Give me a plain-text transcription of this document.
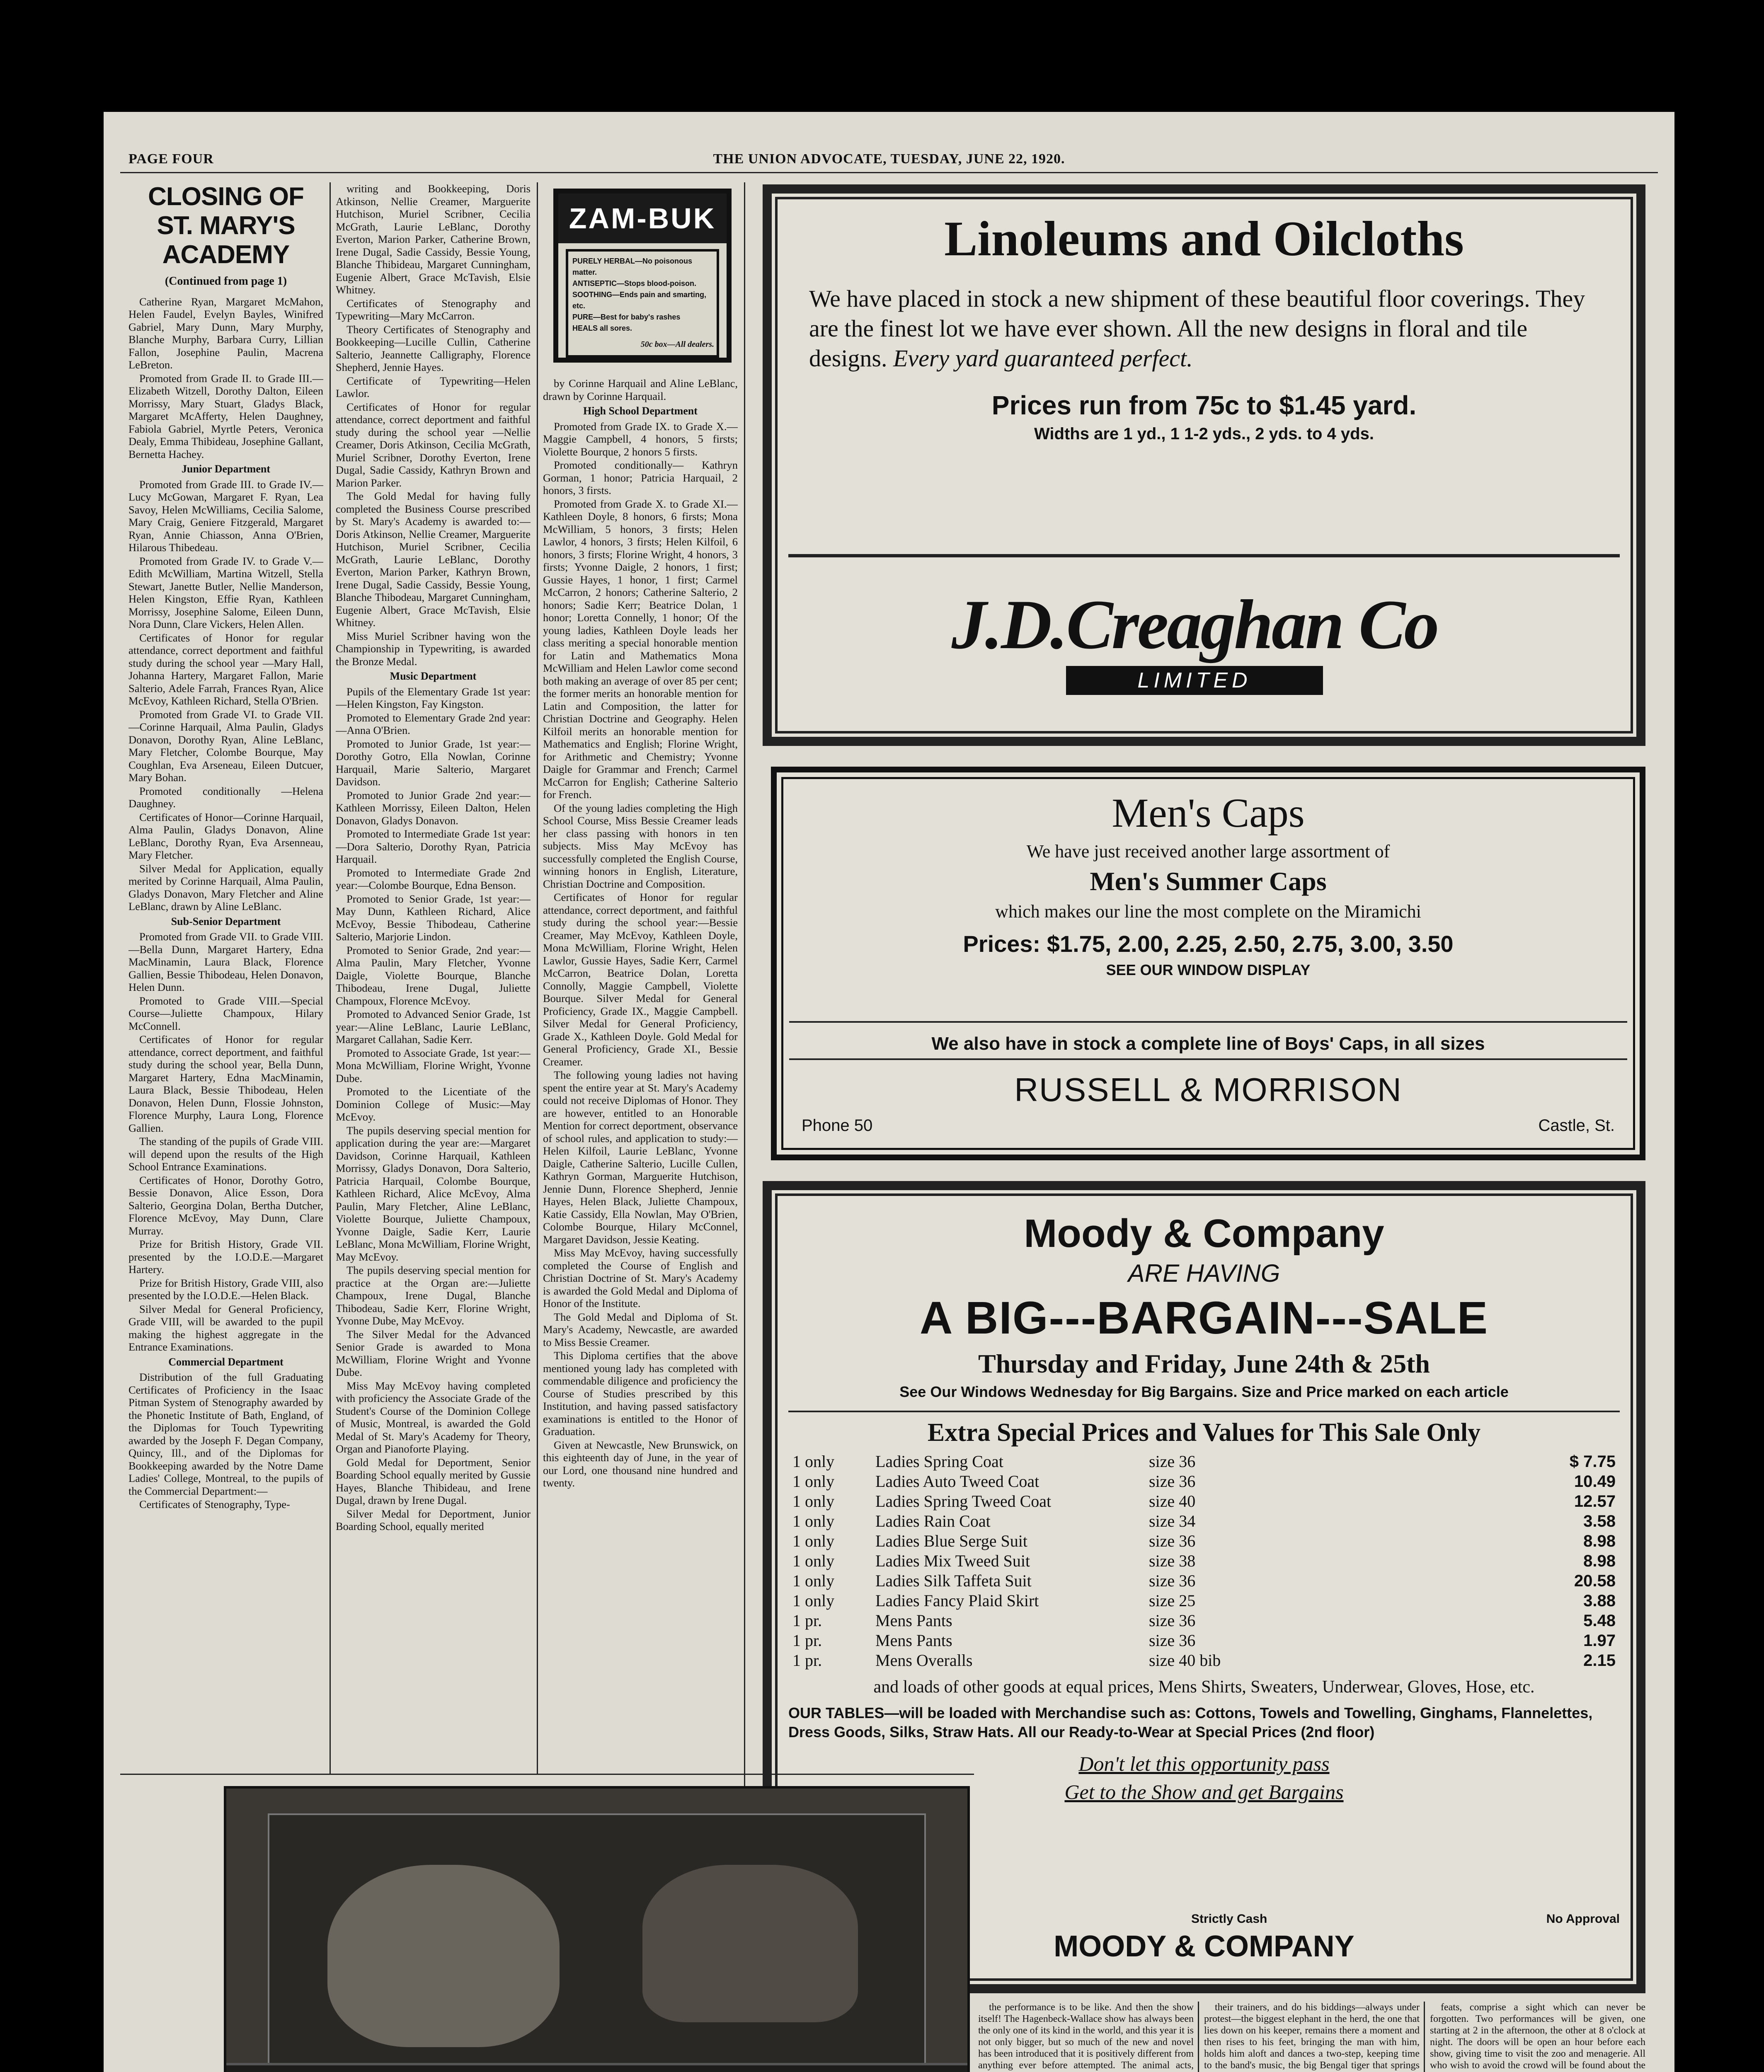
PAGE FOUR	THE UNION ADVOCATE, TUESDAY, JUNE 22, 1920.
CLOSING OF ST. MARY'S ACADEMY
(Continued from page 1)

Catherine Ryan, Margaret McMahon, Helen Faudel, Evelyn Bayles, Winifred Gabriel, Mary Dunn, Mary Murphy, Blanche Murphy, Barbara Curry, Lillian Fallon, Josephine Paulin, Macrena LeBreton.

Promoted from Grade II. to Grade III.—Elizabeth Witzell, Dorothy Dalton, Eileen Morrissy, Mary Stuart, Gladys Black, Margaret McAfferty, Helen Daughney, Fabiola Gabriel, Myrtle Peters, Veronica Dealy, Emma Thibideau, Josephine Gallant, Bernetta Hachey.

Junior Department

Promoted from Grade III. to Grade IV.—Lucy McGowan, Margaret F. Ryan, Lea Savoy, Helen McWilliams, Cecilia Salome, Mary Craig, Geniere Fitzgerald, Margaret Ryan, Annie Chiasson, Anna O'Brien, Hilarous Thibedeau.

Promoted from Grade IV. to Grade V.—Edith McWilliam, Martina Witzell, Stella Stewart, Janette Butler, Nellie Manderson, Helen Kingston, Effie Ryan, Kathleen Morrissy, Josephine Salome, Eileen Dunn, Nora Dunn, Clare Vickers, Helen Allen.

Certificates of Honor for regular attendance, correct deportment and faithful study during the school year —Mary Hall, Johanna Hartery, Margaret Fallon, Marie Salterio, Adele Farrah, Frances Ryan, Alice McEvoy, Kathleen Richard, Stella O'Brien.

Promoted from Grade VI. to Grade VII.—Corinne Harquail, Alma Paulin, Gladys Donavon, Dorothy Ryan, Aline LeBlanc, Mary Fletcher, Colombe Bourque, May Coughlan, Eva Arseneau, Eileen Dutcuer, Mary Bohan.

Promoted conditionally —Helena Daughney.

Certificates of Honor—Corinne Harquail, Alma Paulin, Gladys Donavon, Aline LeBlanc, Dorothy Ryan, Eva Arsenneau, Mary Fletcher.

Silver Medal for Application, equally merited by Corinne Harquail, Alma Paulin, Gladys Donavon, Mary Fletcher and Aline LeBlanc, drawn by Aline LeBlanc.

Sub-Senior Department

Promoted from Grade VII. to Grade VIII.—Bella Dunn, Margaret Hartery, Edna MacMinamin, Laura Black, Florence Gallien, Bessie Thibodeau, Helen Donavon, Helen Dunn.

Promoted to Grade VIII.—Special Course—Juliette Champoux, Hilary McConnell.

Certificates of Honor for regular attendance, correct deportment, and faithful study during the school year, Bella Dunn, Margaret Hartery, Edna MacMinamin, Laura Black, Bessie Thibodeau, Helen Donavon, Helen Dunn, Flossie Johnston, Florence Murphy, Laura Long, Florence Gallien.

The standing of the pupils of Grade VIII. will depend upon the results of the High School Entrance Examinations.

Certificates of Honor, Dorothy Gotro, Bessie Donavon, Alice Esson, Dora Salterio, Georgina Dolan, Bertha Dutcher, Florence McEvoy, May Dunn, Clare Murray.

Prize for British History, Grade VII. presented by the I.O.D.E.—Margaret Hartery.

Prize for British History, Grade VIII, also presented by the I.O.D.E.—Helen Black.

Silver Medal for General Proficiency, Grade VIII, will be awarded to the pupil making the highest aggregate in the Entrance Examinations.

Commercial Department

Distribution of the full Graduating Certificates of Proficiency in the Isaac Pitman System of Stenography awarded by the Phonetic Institute of Bath, England, of the Diplomas for Touch Typewriting awarded by the Joseph F. Degan Company, Quincy, Ill., and of the Diplomas for Bookkeeping awarded by the Notre Dame Ladies' College, Montreal, to the pupils of the Commercial Department:—

Certificates of Stenography, Type-

writing and Bookkeeping, Doris Atkinson, Nellie Creamer, Marguerite Hutchison, Muriel Scribner, Cecilia McGrath, Laurie LeBlanc, Dorothy Everton, Marion Parker, Catherine Brown, Irene Dugal, Sadie Cassidy, Bessie Young, Blanche Thibideau, Margaret Cunningham, Eugenie Albert, Grace McTavish, Elsie Whitney.

Certificates of Stenography and Typewriting—Mary McCarron.

Theory Certificates of Stenography and Bookkeeping—Lucille Cullin, Catherine Salterio, Jeannette Calligraphy, Florence Shepherd, Jennie Hayes.

Certificate of Typewriting—Helen Lawlor.

Certificates of Honor for regular attendance, correct deportment and faithful study during the school year —Nellie Creamer, Doris Atkinson, Cecilia McGrath, Muriel Scribner, Dorothy Everton, Irene Dugal, Sadie Cassidy, Kathryn Brown and Marion Parker.

The Gold Medal for having fully completed the Business Course prescribed by St. Mary's Academy is awarded to:—Doris Atkinson, Nellie Creamer, Marguerite Hutchison, Muriel Scribner, Cecilia McGrath, Laurie LeBlanc, Dorothy Everton, Marion Parker, Kathryn Brown, Irene Dugal, Sadie Cassidy, Bessie Young, Blanche Thibodeau, Margaret Cunningham, Eugenie Albert, Grace McTavish, Elsie Whitney.

Miss Muriel Scribner having won the Championship in Typewriting, is awarded the Bronze Medal.

Music Department

Pupils of the Elementary Grade 1st year: —Helen Kingston, Fay Kingston.

Promoted to Elementary Grade 2nd year:—Anna O'Brien.

Promoted to Junior Grade, 1st year:—Dorothy Gotro, Ella Nowlan, Corinne Harquail, Marie Salterio, Margaret Davidson.

Promoted to Junior Grade 2nd year:—Kathleen Morrissy, Eileen Dalton, Helen Donavon, Gladys Donavon.

Promoted to Intermediate Grade 1st year:—Dora Salterio, Dorothy Ryan, Patricia Harquail.

Promoted to Intermediate Grade 2nd year:—Colombe Bourque, Edna Benson.

Promoted to Senior Grade, 1st year:—May Dunn, Kathleen Richard, Alice McEvoy, Bessie Thibodeau, Catherine Salterio, Marjorie Lindon.

Promoted to Senior Grade, 2nd year:—Alma Paulin, Mary Fletcher, Yvonne Daigle, Violette Bourque, Blanche Thibodeau, Irene Dugal, Juliette Champoux, Florence McEvoy.

Promoted to Advanced Senior Grade, 1st year:—Aline LeBlanc, Laurie LeBlanc, Margaret Callahan, Sadie Kerr.

Promoted to Associate Grade, 1st year:—Mona McWilliam, Florine Wright, Yvonne Dube.

Promoted to the Licentiate of the Dominion College of Music:—May McEvoy.

The pupils deserving special mention for application during the year are:—Margaret Davidson, Corinne Harquail, Kathleen Morrissy, Gladys Donavon, Dora Salterio, Patricia Harquail, Colombe Bourque, Kathleen Richard, Alice McEvoy, Alma Paulin, Mary Fletcher, Aline LeBlanc, Violette Bourque, Juliette Champoux, Yvonne Daigle, Sadie Kerr, Laurie LeBlanc, Mona McWilliam, Florine Wright, May McEvoy.

The pupils deserving special mention for practice at the Organ are:—Juliette Champoux, Irene Dugal, Blanche Thibodeau, Sadie Kerr, Florine Wright, Yvonne Dube, May McEvoy.

The Silver Medal for the Advanced Senior Grade is awarded to Mona McWilliam, Florine Wright and Yvonne Dube.

Miss May McEvoy having completed with proficiency the Associate Grade of the Student's Course of the Dominion College of Music, Montreal, is awarded the Gold Medal of St. Mary's Academy for Theory, Organ and Pianoforte Playing.

Gold Medal for Deportment, Senior Boarding School equally merited by Gussie Hayes, Blanche Thibideau, and Irene Dugal, drawn by Irene Dugal.

Silver Medal for Deportment, Junior Boarding School, equally merited

ZAM-BUK
PURELY HERBAL—No poisonous matter.
ANTISEPTIC—Stops blood-poison.
SOOTHING—Ends pain and smarting, etc.
PURE—Best for baby's rashes
HEALS all sores.
50c box—All dealers.

by Corinne Harquail and Aline LeBlanc, drawn by Corinne Harquail.

High School Department

Promoted from Grade IX. to Grade X.—Maggie Campbell, 4 honors, 5 firsts; Violette Bourque, 2 honors 5 firsts.

Promoted conditionally— Kathryn Gorman, 1 honor; Patricia Harquail, 2 honors, 3 firsts.

Promoted from Grade X. to Grade XI.—Kathleen Doyle, 8 honors, 6 firsts; Mona McWilliam, 5 honors, 3 firsts; Helen Lawlor, 4 honors, 3 firsts; Helen Kilfoil, 6 honors, 3 firsts; Florine Wright, 4 honors, 3 firsts; Yvonne Daigle, 2 honors, 1 first; Gussie Hayes, 1 honor, 1 first; Carmel McCarron, 2 honors; Catherine Salterio, 2 honors; Sadie Kerr; Beatrice Dolan, 1 honor; Loretta Connelly, 1 honor; Of the young ladies, Kathleen Doyle leads her class meriting a special honorable mention for Latin and Mathematics Mona McWilliam and Helen Lawlor come second both making an average of over 85 per cent; the former merits an honorable mention for Latin and Composition, the latter for Christian Doctrine and Geography. Helen Kilfoil merits an honorable mention for Mathematics and English; Florine Wright, for Arithmetic and Chemistry; Yvonne Daigle for Grammar and French; Carmel McCarron for English; Catherine Salterio for French.

Of the young ladies completing the High School Course, Miss Bessie Creamer leads her class passing with honors in ten subjects. Miss May McEvoy has successfully completed the English Course, winning honors in English, Literature, Christian Doctrine and Composition.

Certificates of Honor for regular attendance, correct deportment, and faithful study during the school year:—Bessie Creamer, May McEvoy, Kathleen Doyle, Mona McWilliam, Florine Wright, Helen Lawlor, Gussie Hayes, Sadie Kerr, Carmel McCarron, Beatrice Dolan, Loretta Connolly, Maggie Campbell, Violette Bourque. Silver Medal for General Proficiency, Grade IX., Maggie Campbell. Silver Medal for General Proficiency, Grade X., Kathleen Doyle. Gold Medal for General Proficiency, Grade XI., Bessie Creamer.

The following young ladies not having spent the entire year at St. Mary's Academy could not receive Diplomas of Honor. They are however, entitled to an Honorable Mention for correct deportment, observance of school rules, and application to study:—Helen Kilfoil, Laurie LeBlanc, Yvonne Daigle, Catherine Salterio, Lucille Cullen, Kathryn Gorman, Marguerite Hutchison, Jennie Dunn, Florence Shepherd, Jennie Hayes, Helen Black, Juliette Champoux, Katie Cassidy, Ella Nowlan, May O'Brien, Colombe Bourque, Hilary McConnel, Margaret Davidson, Jessie Keating.

Miss May McEvoy, having successfully completed the Course of English and Christian Doctrine of St. Mary's Academy is awarded the Gold Medal and Diploma of Honor of the Institute.

The Gold Medal and Diploma of St. Mary's Academy, Newcastle, are awarded to Miss Bessie Creamer.

This Diploma certifies that the above mentioned young lady has completed with commendable diligence and proficiency the Course of Studies prescribed by this Institution, and having passed satisfactory examinations is entitled to the Honor of Graduation.

Given at Newcastle, New Brunswick, on this eighteenth day of June, in the year of our Lord, one thousand nine hundred and twenty.

Linoleums and Oilcloths
We have placed in stock a new shipment of these beautiful floor coverings. They are the finest lot we have ever shown. All the new designs in floral and tile designs. Every yard guaranteed perfect.
Prices run from 75c to $1.45 yard.
Widths are 1 yd., 1 1-2 yds., 2 yds. to 4 yds.
J.D.Creaghan Co
LIMITED
Men's Caps
We have just received another large assortment of
Men's Summer Caps
which makes our line the most complete on the Miramichi
Prices: $1.75, 2.00, 2.25, 2.50, 2.75, 3.00, 3.50
SEE OUR WINDOW DISPLAY
We also have in stock a complete line of Boys' Caps, in all sizes
RUSSELL & MORRISON
Phone 50	Castle, St.
Moody & Company
ARE HAVING
A BIG---BARGAIN---SALE
Thursday and Friday, June 24th & 25th
See Our Windows Wednesday for Big Bargains. Size and Price marked on each article
Extra Special Prices and Values for This Sale Only
1 only	Ladies Spring Coat	size 36	$ 7.75
1 only	Ladies Auto Tweed Coat	size 36	10.49
1 only	Ladies Spring Tweed Coat	size 40	12.57
1 only	Ladies Rain Coat	size 34	3.58
1 only	Ladies Blue Serge Suit	size 36	8.98
1 only	Ladies Mix Tweed Suit	size 38	8.98
1 only	Ladies Silk Taffeta Suit	size 36	20.58
1 only	Ladies Fancy Plaid Skirt	size 25	3.88
1 pr.	Mens Pants	size 36	5.48
1 pr.	Mens Pants	size 36	1.97
1 pr.	Mens Overalls	size 40 bib	2.15
and loads of other goods at equal prices, Mens Shirts, Sweaters, Underwear, Gloves, Hose, etc.
OUR TABLES—will be loaded with Merchandise such as: Cottons, Towels and Towelling, Ginghams, Flannelettes, Dress Goods, Silks, Straw Hats. All our Ready-to-Wear at Special Prices (2nd floor)
Don't let this opportunity pass
Get to the Show and get Bargains
Strictly Cash	No Approval
MOODY & COMPANY

the performance is to be like. And then the show itself! The Hagenbeck-Wallace show has always been the only one of its kind in the world, and this year it is not only bigger, but so much of the new and novel has been introduced that it is positively different from anything ever before attempted. The animal acts,

their trainers, and do his biddings—always under protest—the biggest elephant in the herd, the one that lies down on his keeper, remains there a moment and then rises to his feet, bringing the man with him, holds him aloft and dances a two-step, keeping time to the band's music, the big Bengal tiger that springs

feats, comprise a sight which can never be forgotten. Two performances will be given, one starting at 2 in the afternoon, the other at 8 o'clock at night. The doors will be open an hour before each show, giving time to visit the zoo and menagerie. All who wish to avoid the crowd will be found about the
